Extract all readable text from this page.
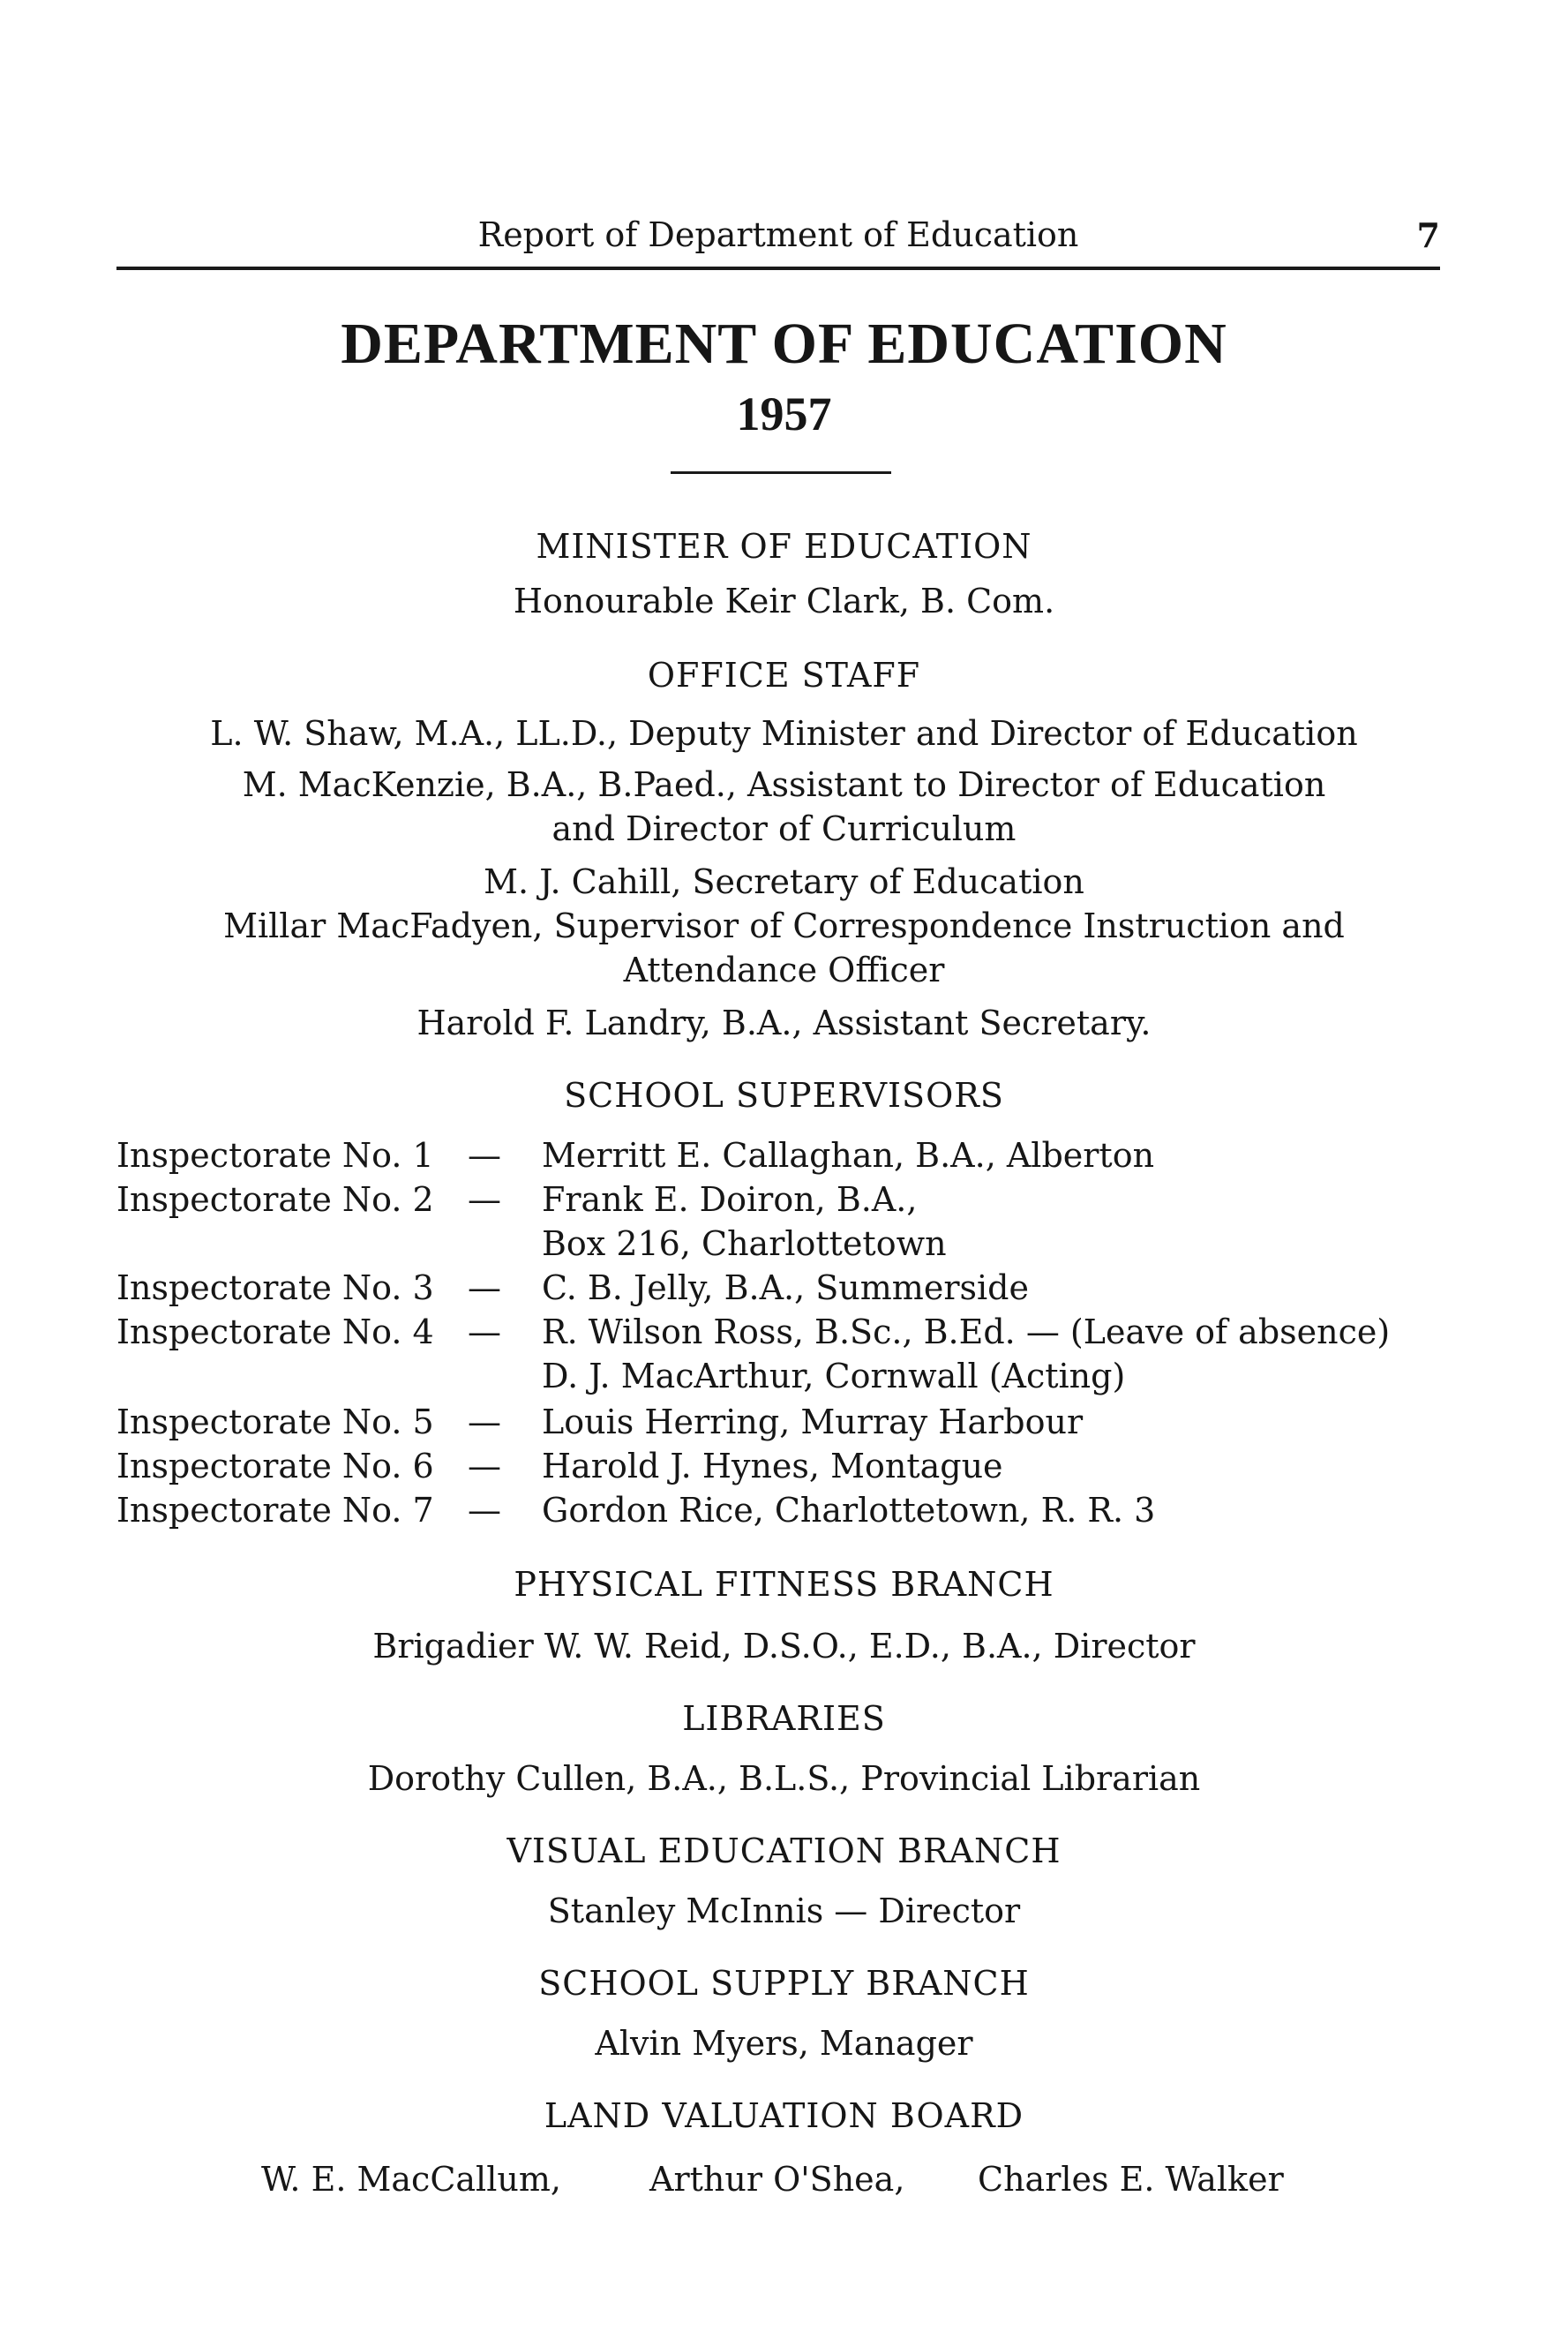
Report of Department of Education	7
DEPARTMENT OF EDUCATION
1957
MINISTER OF EDUCATION
Honourable Keir Clark, B. Com.
OFFICE STAFF
L. W. Shaw, M.A., LL.D., Deputy Minister and Director of Education
M. MacKenzie, B.A., B.Paed., Assistant to Director of Education
and Director of Curriculum
M. J. Cahill, Secretary of Education
Millar MacFadyen, Supervisor of Correspondence Instruction and
Attendance Officer
Harold F. Landry, B.A., Assistant Secretary.
SCHOOL SUPERVISORS
Inspectorate No. 1 — Merritt E. Callaghan, B.A., Alberton
Inspectorate No. 2 — Frank E. Doiron, B.A.,
Box 216, Charlottetown
Inspectorate No. 3 — C. B. Jelly, B.A., Summerside
Inspectorate No. 4 — R. Wilson Ross, B.Sc., B.Ed. — (Leave of absence)
D. J. MacArthur, Cornwall (Acting)
Inspectorate No. 5 — Louis Herring, Murray Harbour
Inspectorate No. 6 — Harold J. Hynes, Montague
Inspectorate No. 7 — Gordon Rice, Charlottetown, R. R. 3
PHYSICAL FITNESS BRANCH
Brigadier W. W. Reid, D.S.O., E.D., B.A., Director
LIBRARIES
Dorothy Cullen, B.A., B.L.S., Provincial Librarian
VISUAL EDUCATION BRANCH
Stanley McInnis — Director
SCHOOL SUPPLY BRANCH
Alvin Myers, Manager
LAND VALUATION BOARD
W. E. MacCallum,	Arthur O'Shea, Charles E. Walker
